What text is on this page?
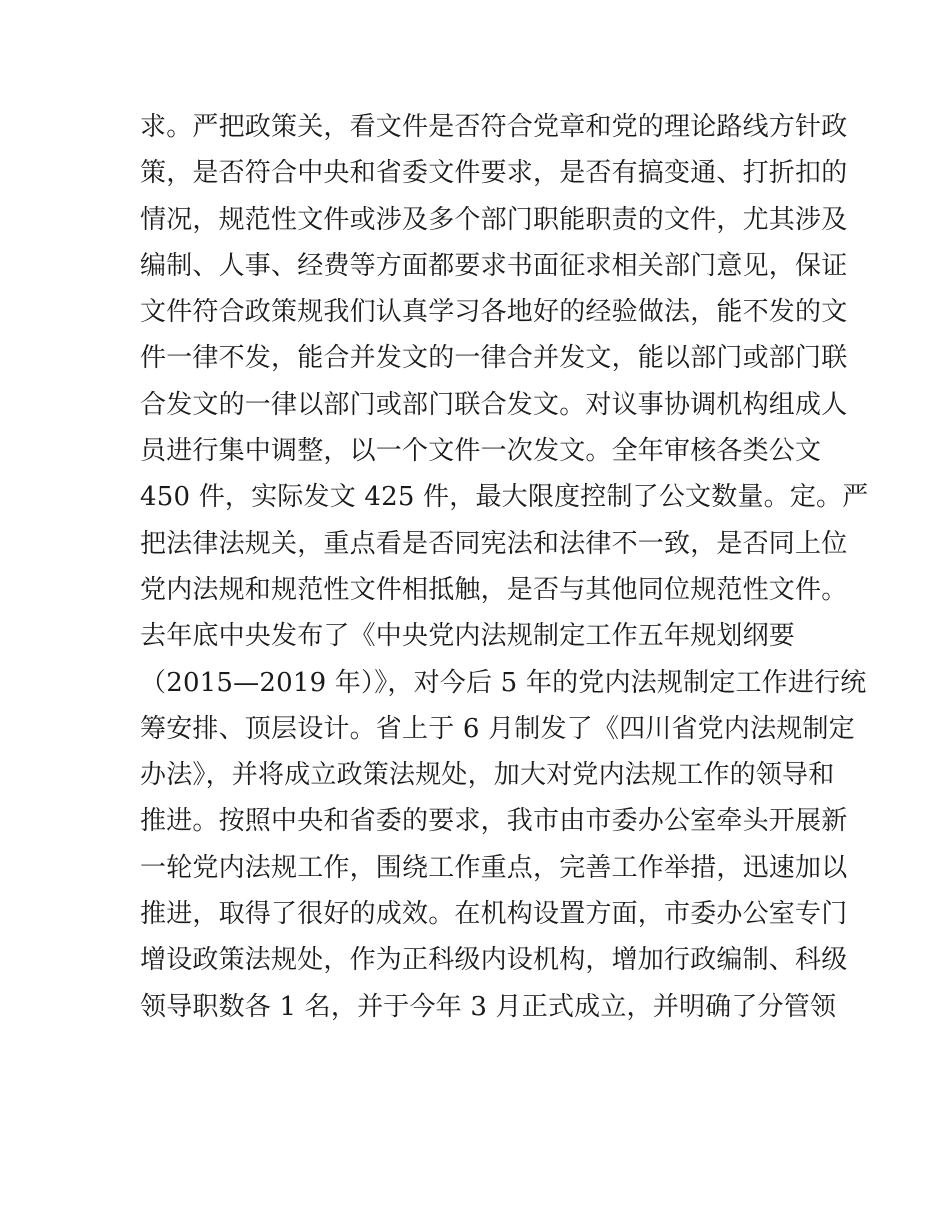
求。严把政策关，看文件是否符合党章和党的理论路线方针政
策，是否符合中央和省委文件要求，是否有搞变通、打折扣的
情况，规范性文件或涉及多个部门职能职责的文件，尤其涉及
编制、人事、经费等方面都要求书面征求相关部门意见，保证
文件符合政策规我们认真学习各地好的经验做法，能不发的文
件一律不发，能合并发文的一律合并发文，能以部门或部门联
合发文的一律以部门或部门联合发文。对议事协调机构组成人
员进行集中调整，以一个文件一次发文。全年审核各类公文
450 件，实际发文 425 件，最大限度控制了公文数量。定。严
把法律法规关，重点看是否同宪法和法律不一致，是否同上位
党内法规和规范性文件相抵触，是否与其他同位规范性文件。
去年底中央发布了《中央党内法规制定工作五年规划纲要
（2015—2019 年）》，对今后 5 年的党内法规制定工作进行统
筹安排、顶层设计。省上于 6 月制发了《四川省党内法规制定
办法》，并将成立政策法规处，加大对党内法规工作的领导和
推进。按照中央和省委的要求，我市由市委办公室牵头开展新
一轮党内法规工作，围绕工作重点，完善工作举措，迅速加以
推进，取得了很好的成效。在机构设置方面，市委办公室专门
增设政策法规处，作为正科级内设机构，增加行政编制、科级
领导职数各 1 名，并于今年 3 月正式成立，并明确了分管领
